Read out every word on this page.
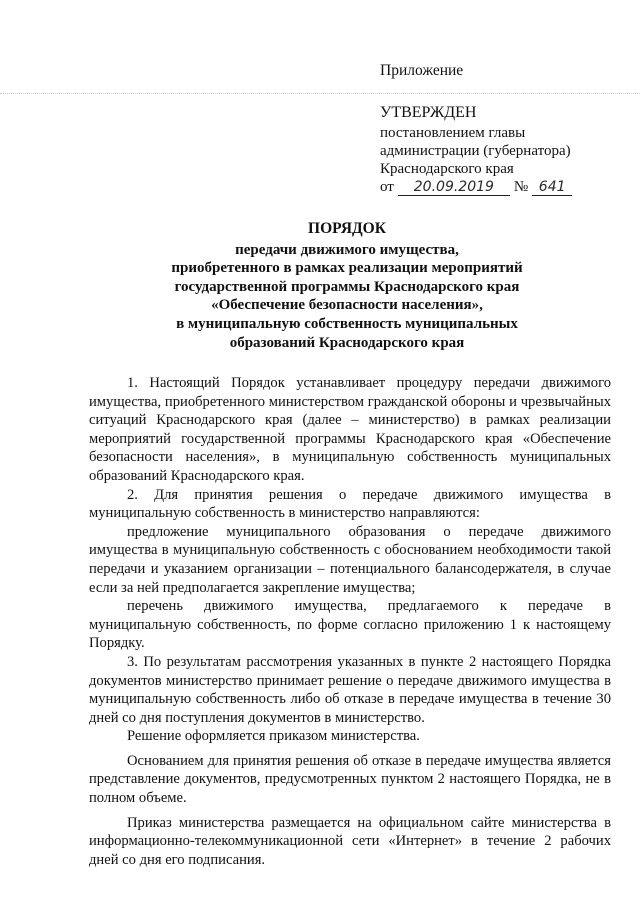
Приложение
УТВЕРЖДЕН
постановлением главы
администрации (губернатора)
Краснодарского края
от	20.09.2019	№ 641
ПОРЯДОК
передачи движимого имущества,
приобретенного в рамках реализации мероприятий
государственной программы Краснодарского края
«Обеспечение безопасности населения»,
в муниципальную собственность муниципальных
образований Краснодарского края

1. Настоящий Порядок устанавливает процедуру передачи движимого имущества, приобретенного министерством гражданской обороны и чрезвычайных ситуаций Краснодарского края (далее – министерство) в рамках реализации мероприятий государственной программы Краснодарского края «Обеспечение безопасности населения», в муниципальную собственность муниципальных образований Краснодарского края.

2. Для принятия решения о передаче движимого имущества в муниципальную собственность в министерство направляются:

предложение муниципального образования о передаче движимого имущества в муниципальную собственность с обоснованием необходимости такой передачи и указанием организации – потенциального балансодержателя, в случае если за ней предполагается закрепление имущества;

перечень движимого имущества, предлагаемого к передаче в муниципальную собственность, по форме согласно приложению 1 к настоящему Порядку.

3. По результатам рассмотрения указанных в пункте 2 настоящего Порядка документов министерство принимает решение о передаче движимого имущества в муниципальную собственность либо об отказе в передаче имущества в течение 30 дней со дня поступления документов в министерство.

Решение оформляется приказом министерства.

Основанием для принятия решения об отказе в передаче имущества является представление документов, предусмотренных пунктом 2 настоящего Порядка, не в полном объеме.

Приказ министерства размещается на официальном сайте министерства в информационно-телекоммуникационной сети «Интернет» в течение 2 рабочих дней со дня его подписания.
